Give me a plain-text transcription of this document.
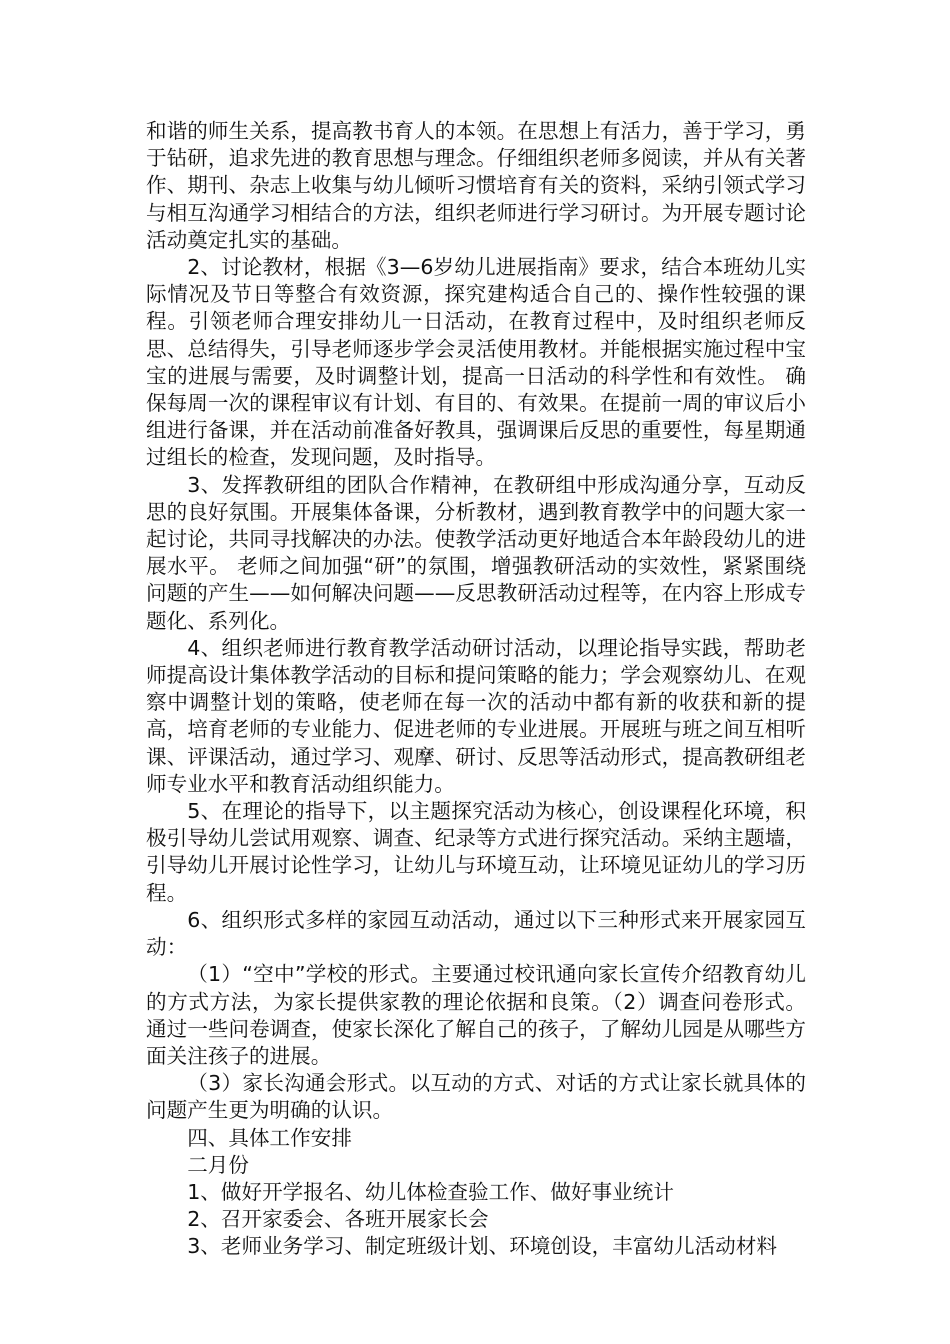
和谐的师生关系，提高教书育人的本领。在思想上有活力，善于学习，勇于钻研，追求先进的教育思想与理念。仔细组织老师多阅读，并从有关著作、期刊、杂志上收集与幼儿倾听习惯培育有关的资料，采纳引领式学习与相互沟通学习相结合的方法，组织老师进行学习研讨。为开展专题讨论活动奠定扎实的基础。

2、讨论教材，根据《3—6岁幼儿进展指南》要求，结合本班幼儿实际情况及节日等整合有效资源，探究建构适合自己的、操作性较强的课程。引领老师合理安排幼儿一日活动，在教育过程中，及时组织老师反思、总结得失，引导老师逐步学会灵活使用教材。并能根据实施过程中宝宝的进展与需要，及时调整计划，提高一日活动的科学性和有效性。 确保每周一次的课程审议有计划、有目的、有效果。在提前一周的审议后小组进行备课，并在活动前准备好教具，强调课后反思的重要性，每星期通过组长的检查，发现问题，及时指导。

3、发挥教研组的团队合作精神，在教研组中形成沟通分享，互动反思的良好氛围。开展集体备课，分析教材，遇到教育教学中的问题大家一起讨论，共同寻找解决的办法。使教学活动更好地适合本年龄段幼儿的进展水平。 老师之间加强“研”的氛围，增强教研活动的实效性，紧紧围绕问题的产生——如何解决问题——反思教研活动过程等，在内容上形成专题化、系列化。

4、组织老师进行教育教学活动研讨活动，以理论指导实践，帮助老师提高设计集体教学活动的目标和提问策略的能力；学会观察幼儿、在观察中调整计划的策略，使老师在每一次的活动中都有新的收获和新的提高，培育老师的专业能力、促进老师的专业进展。开展班与班之间互相听课、评课活动，通过学习、观摩、研讨、反思等活动形式，提高教研组老师专业水平和教育活动组织能力。

5、在理论的指导下，以主题探究活动为核心，创设课程化环境，积极引导幼儿尝试用观察、调查、纪录等方式进行探究活动。采纳主题墙，引导幼儿开展讨论性学习，让幼儿与环境互动，让环境见证幼儿的学习历程。

6、组织形式多样的家园互动活动，通过以下三种形式来开展家园互动：

（1）“空中”学校的形式。主要通过校讯通向家长宣传介绍教育幼儿的方式方法，为家长提供家教的理论依据和良策。（2）调查问卷形式。通过一些问卷调查，使家长深化了解自己的孩子，了解幼儿园是从哪些方面关注孩子的进展。

（3）家长沟通会形式。以互动的方式、对话的方式让家长就具体的问题产生更为明确的认识。

四、具体工作安排

二月份

1、做好开学报名、幼儿体检查验工作、做好事业统计

2、召开家委会、各班开展家长会

3、老师业务学习、制定班级计划、环境创设，丰富幼儿活动材料
